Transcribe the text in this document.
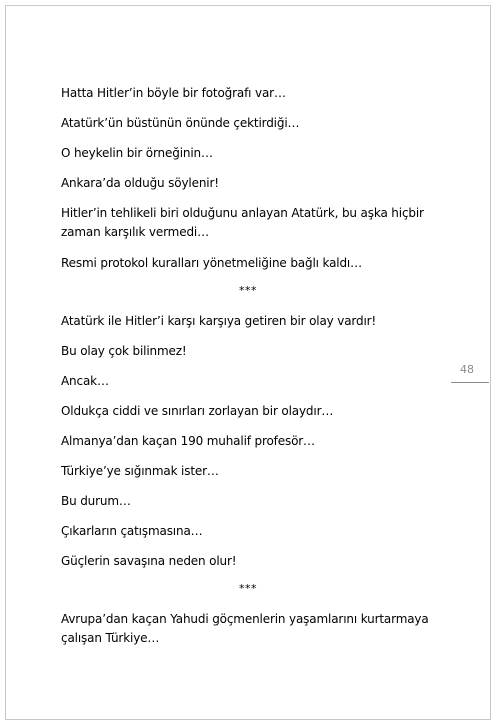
Hatta Hitler’in böyle bir fotoğrafı var…
Atatürk’ün büstünün önünde çektirdiği…
O heykelin bir örneğinin…
Ankara’da olduğu söylenir!
Hitler’in tehlikeli biri olduğunu anlayan Atatürk, bu aşka hiçbir
zaman karşılık vermedi…
Resmi protokol kuralları yönetmeliğine bağlı kaldı…
***
Atatürk ile Hitler’i karşı karşıya getiren bir olay vardır!
Bu olay çok bilinmez!
Ancak…
Oldukça ciddi ve sınırları zorlayan bir olaydır…
Almanya’dan kaçan 190 muhalif profesör…
Türkiye’ye sığınmak ister…
Bu durum…
Çıkarların çatışmasına…
Güçlerin savaşına neden olur!
***
Avrupa’dan kaçan Yahudi göçmenlerin yaşamlarını kurtarmaya
çalışan Türkiye…
48
